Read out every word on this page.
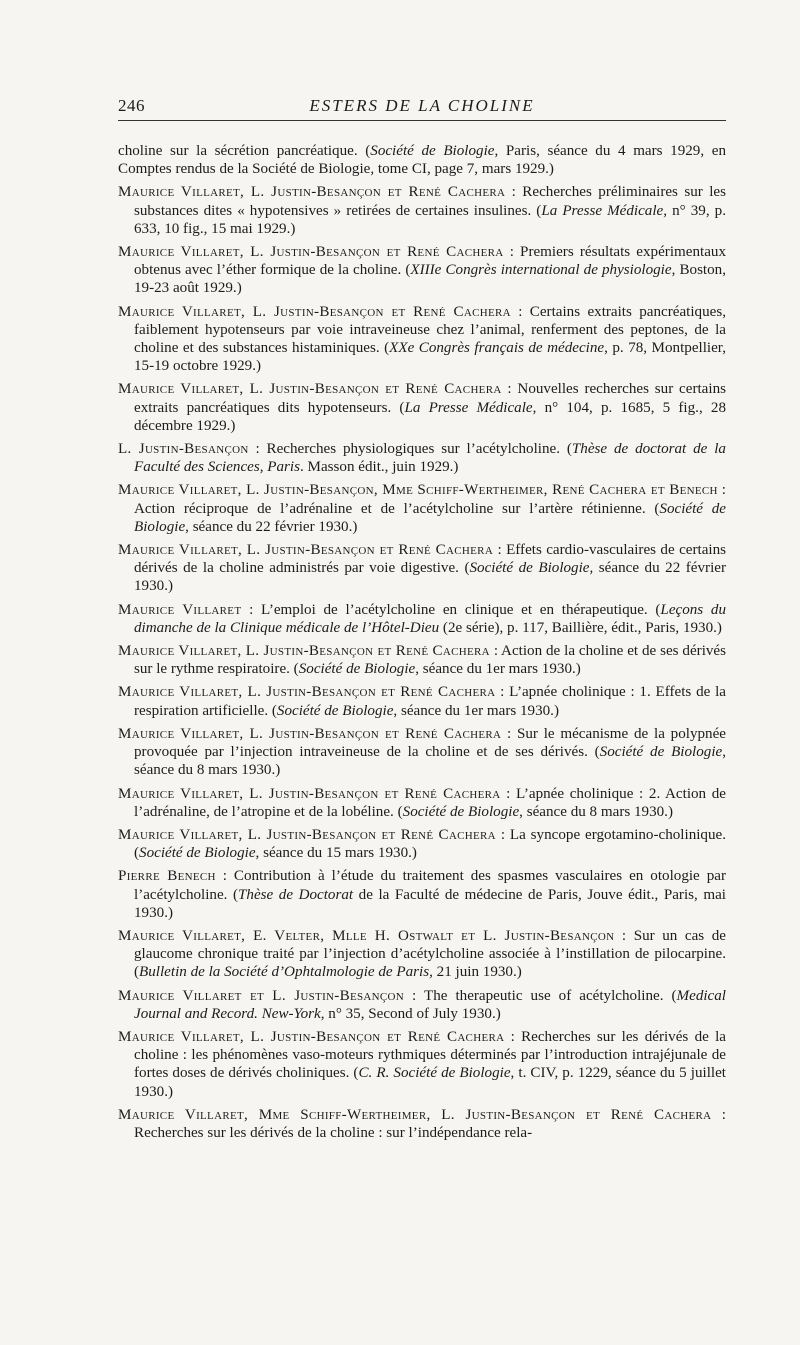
246	ESTERS DE LA CHOLINE

choline sur la sécrétion pancréatique. (Société de Biologie, Paris, séance du 4 mars 1929, en Comptes rendus de la Société de Biologie, tome CI, page 7, mars 1929.)

Maurice Villaret, L. Justin-Besançon et René Cachera : Recherches préliminaires sur les substances dites « hypotensives » retirées de certaines insulines. (La Presse Médicale, n° 39, p. 633, 10 fig., 15 mai 1929.)

Maurice Villaret, L. Justin-Besançon et René Cachera : Premiers résultats expérimentaux obtenus avec l’éther formique de la choline. (XIIIe Congrès international de physiologie, Boston, 19-23 août 1929.)

Maurice Villaret, L. Justin-Besançon et René Cachera : Certains extraits pancréatiques, faiblement hypotenseurs par voie intraveineuse chez l’animal, renferment des peptones, de la choline et des substances histaminiques. (XXe Congrès français de médecine, p. 78, Montpellier, 15-19 octobre 1929.)

Maurice Villaret, L. Justin-Besançon et René Cachera : Nouvelles recherches sur certains extraits pancréatiques dits hypotenseurs. (La Presse Médicale, n° 104, p. 1685, 5 fig., 28 décembre 1929.)

L. Justin-Besançon : Recherches physiologiques sur l’acétylcholine. (Thèse de doctorat de la Faculté des Sciences, Paris. Masson édit., juin 1929.)

Maurice Villaret, L. Justin-Besançon, Mme Schiff-Wertheimer, René Cachera et Benech : Action réciproque de l’adrénaline et de l’acétylcholine sur l’artère rétinienne. (Société de Biologie, séance du 22 février 1930.)

Maurice Villaret, L. Justin-Besançon et René Cachera : Effets cardio-vasculaires de certains dérivés de la choline administrés par voie digestive. (Société de Biologie, séance du 22 février 1930.)

Maurice Villaret : L’emploi de l’acétylcholine en clinique et en thérapeutique. (Leçons du dimanche de la Clinique médicale de l’Hôtel-Dieu (2e série), p. 117, Baillière, édit., Paris, 1930.)

Maurice Villaret, L. Justin-Besançon et René Cachera : Action de la choline et de ses dérivés sur le rythme respiratoire. (Société de Biologie, séance du 1er mars 1930.)

Maurice Villaret, L. Justin-Besançon et René Cachera : L’apnée cholinique : 1. Effets de la respiration artificielle. (Société de Biologie, séance du 1er mars 1930.)

Maurice Villaret, L. Justin-Besançon et René Cachera : Sur le mécanisme de la polypnée provoquée par l’injection intraveineuse de la choline et de ses dérivés. (Société de Biologie, séance du 8 mars 1930.)

Maurice Villaret, L. Justin-Besançon et René Cachera : L’apnée cholinique : 2. Action de l’adrénaline, de l’atropine et de la lobéline. (Société de Biologie, séance du 8 mars 1930.)

Maurice Villaret, L. Justin-Besançon et René Cachera : La syncope ergotamino-cholinique. (Société de Biologie, séance du 15 mars 1930.)

Pierre Benech : Contribution à l’étude du traitement des spasmes vasculaires en otologie par l’acétylcholine. (Thèse de Doctorat de la Faculté de médecine de Paris, Jouve édit., Paris, mai 1930.)

Maurice Villaret, E. Velter, Mlle H. Ostwalt et L. Justin-Besançon : Sur un cas de glaucome chronique traité par l’injection d’acétylcholine associée à l’instillation de pilocarpine. (Bulletin de la Société d’Ophtalmologie de Paris, 21 juin 1930.)

Maurice Villaret et L. Justin-Besançon : The therapeutic use of acétylcholine. (Medical Journal and Record. New-York, n° 35, Second of July 1930.)

Maurice Villaret, L. Justin-Besançon et René Cachera : Recherches sur les dérivés de la choline : les phénomènes vaso-moteurs rythmiques déterminés par l’introduction intrajéjunale de fortes doses de dérivés choliniques. (C. R. Société de Biologie, t. CIV, p. 1229, séance du 5 juillet 1930.)

Maurice Villaret, Mme Schiff-Wertheimer, L. Justin-Besançon et René Cachera : Recherches sur les dérivés de la choline : sur l’indépendance rela-
